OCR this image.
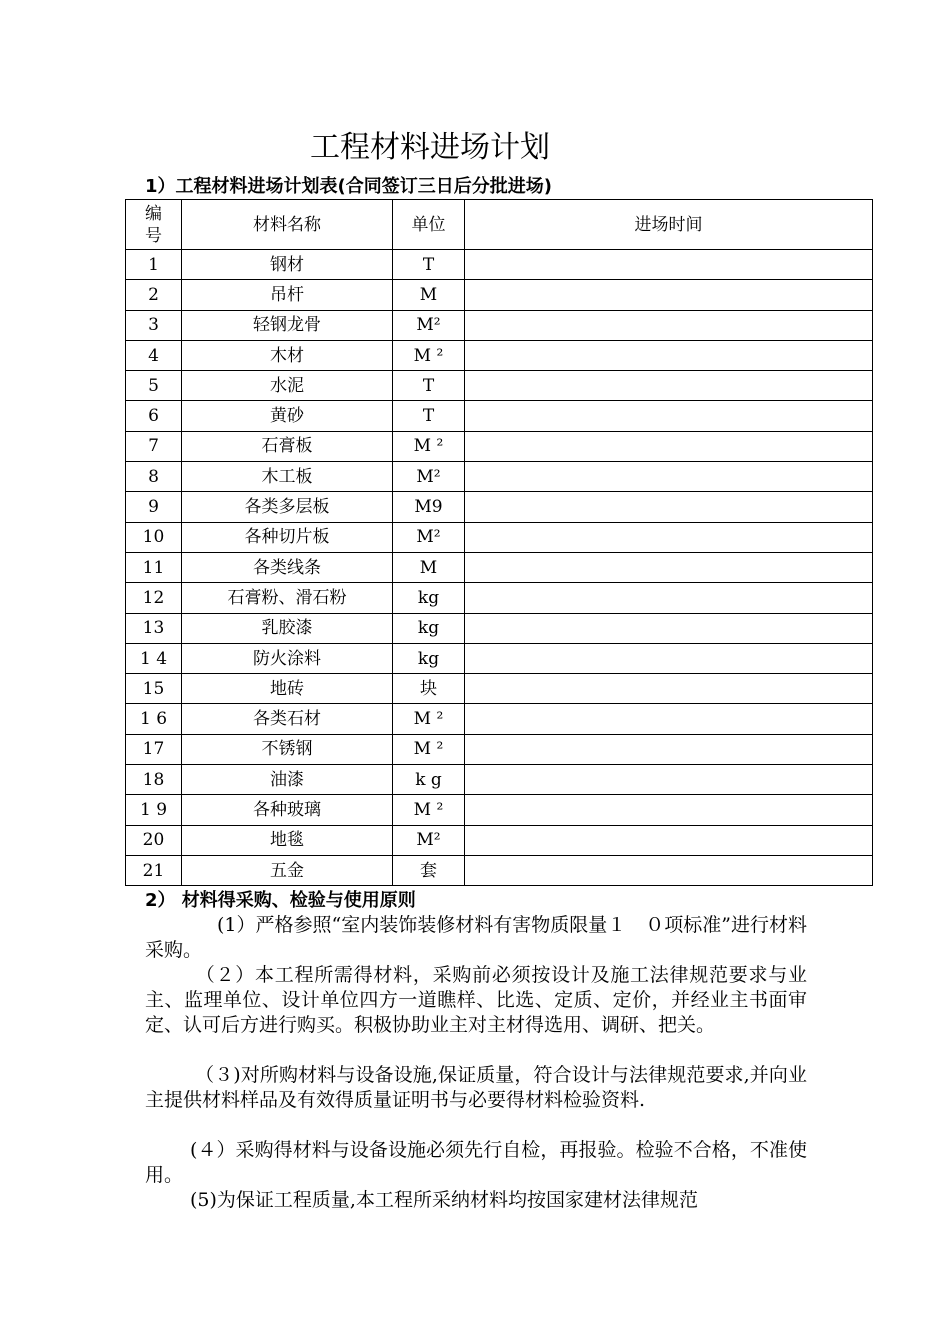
工程材料进场计划
1）工程材料进场计划表(合同签订三日后分批进场)
编号	材料名称	单位	进场时间
1	钢材	T	
2	吊杆	M	
3	轻钢龙骨	M²	
4	木材	M ²	
5	水泥	T	
6	黄砂	T	
7	石膏板	M ²	
8	木工板	M²	
9	各类多层板	M9	
10	各种切片板	M²	
11	各类线条	M	
12	石膏粉、滑石粉	kg	
13	乳胶漆	kg	
1 4	防火涂料	kg	
15	地砖	块	
1 6	各类石材	M ²	
17	不锈钢	M ²	
18	油漆	k g	
1 9	各种玻璃	M ²	
20	地毯	M²	
21	五金	套	
2） 材料得采购、检验与使用原则
(1）严格参照“室内装饰装修材料有害物质限量１　０项标准”进行材料采购。
（２）本工程所需得材料，采购前必须按设计及施工法律规范要求与业主、监理单位、设计单位四方一道瞧样、比选、定质、定价，并经业主书面审定、认可后方进行购买。积极协助业主对主材得选用、调研、把关。
（３)对所购材料与设备设施,保证质量，符合设计与法律规范要求,并向业主提供材料样品及有效得质量证明书与必要得材料检验资料.
(４）采购得材料与设备设施必须先行自检，再报验。检验不合格，不准使用。
(5)为保证工程质量,本工程所采纳材料均按国家建材法律规范
